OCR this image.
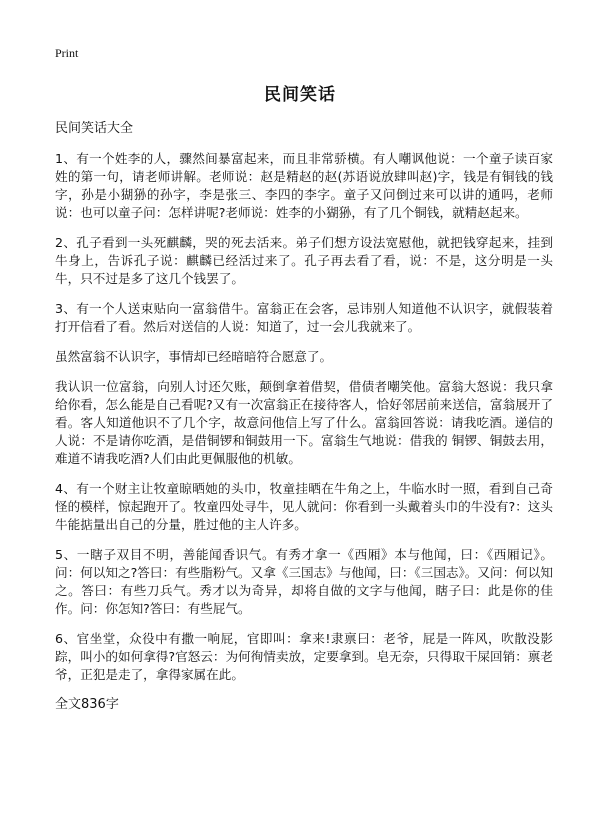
Print
民间笑话

民间笑话大全

1、有一个姓李的人，骤然间暴富起来，而且非常骄横。有人嘲讽他说：一个童子读百家姓的第一句，请老师讲解。老师说：赵是精赵的赵(苏语说放肆叫赵)字，钱是有铜钱的钱字，孙是小猢狲的孙字，李是张三、李四的李字。童子又问倒过来可以讲的通吗，老师说：也可以童子问：怎样讲呢?老师说：姓李的小猢狲，有了几个铜钱，就精赵起来。

2、孔子看到一头死麒麟，哭的死去活来。弟子们想方设法宽慰他，就把钱穿起来，挂到牛身上，告诉孔子说：麒麟已经活过来了。孔子再去看了看，说：不是，这分明是一头牛，只不过是多了这几个钱罢了。

3、有一个人送束贴向一富翁借牛。富翁正在会客，忌讳别人知道他不认识字，就假装着打开信看了看。然后对送信的人说：知道了，过一会儿我就来了。

虽然富翁不认识字，事情却已经暗暗符合愿意了。

我认识一位富翁，向别人讨还欠账，颠倒拿着借契，借债者嘲笑他。富翁大怒说：我只拿给你看，怎么能是自己看呢?又有一次富翁正在接待客人，恰好邻居前来送信，富翁展开了看。客人知道他识不了几个字，故意问他信上写了什么。富翁回答说：请我吃酒。递信的人说：不是请你吃酒，是借铜锣和铜鼓用一下。富翁生气地说：借我的 铜锣、铜鼓去用，难道不请我吃酒?人们由此更佩服他的机敏。

4、有一个财主让牧童晾晒她的头巾，牧童挂晒在牛角之上，牛临水时一照，看到自己奇怪的模样，惊起跑开了。牧童四处寻牛，见人就问：你看到一头戴着头巾的牛没有?：这头牛能掂量出自己的分量，胜过他的主人许多。

5、一瞎子双目不明，善能闻香识气。有秀才拿一《西厢》本与他闻，曰：《西厢记》。问：何以知之?答曰：有些脂粉气。又拿《三国志》与他闻，曰：《三国志》。又问：何以知之。答曰：有些刀兵气。秀才以为奇异，却将自做的文字与他闻，瞎子曰：此是你的佳作。问：你怎知?答曰：有些屁气。

6、官坐堂，众役中有撒一响屁，官即叫：拿来!隶禀曰：老爷，屁是一阵风，吹散没影踪，叫小的如何拿得?官怒云：为何徇情卖放，定要拿到。皂无奈，只得取干屎回销：禀老爷，正犯是走了，拿得家属在此。

全文836字
